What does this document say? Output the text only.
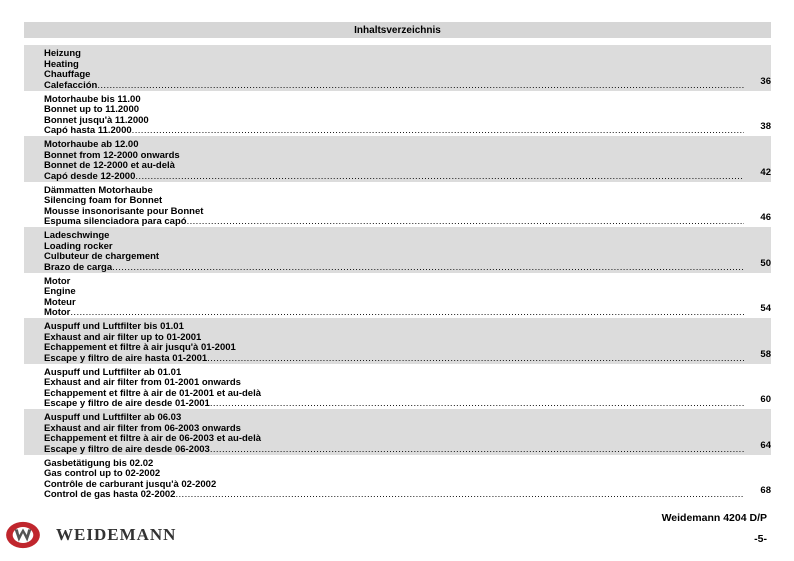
Inhaltsverzeichnis
Heizung
Heating
Chauffage
Calefacción .....	36
Motorhaube bis 11.00
Bonnet up to 11.2000
Bonnet jusqu'à 11.2000
Capó hasta 11.2000 .....	38
Motorhaube ab 12.00
Bonnet from 12-2000 onwards
Bonnet de 12-2000 et au-delà
Capó desde 12-2000 .....	42
Dämmatten Motorhaube
Silencing foam for Bonnet
Mousse insonorisante pour Bonnet
Espuma silenciadora para capó .....	46
Ladeschwinge
Loading rocker
Culbuteur de chargement
Brazo de carga .....	50
Motor
Engine
Moteur
Motor .....	54
Auspuff und Luftfilter bis 01.01
Exhaust and air filter up to 01-2001
Echappement et filtre à air jusqu'à 01-2001
Escape y filtro de aire hasta 01-2001 .....	58
Auspuff und Luftfilter ab 01.01
Exhaust and air filter from 01-2001 onwards
Echappement et filtre à air de 01-2001 et au-delà
Escape y filtro de aire desde 01-2001 .....	60
Auspuff und Luftfilter ab 06.03
Exhaust and air filter from 06-2003 onwards
Echappement et filtre à air de 06-2003 et au-delà
Escape y filtro de aire desde 06-2003 .....	64
Gasbetätigung bis 02.02
Gas control up to 02-2002
Contrôle de carburant jusqu'à 02-2002
Control de gas hasta 02-2002 .....	68
WEIDEMANN
Weidemann 4204 D/P
-5-
